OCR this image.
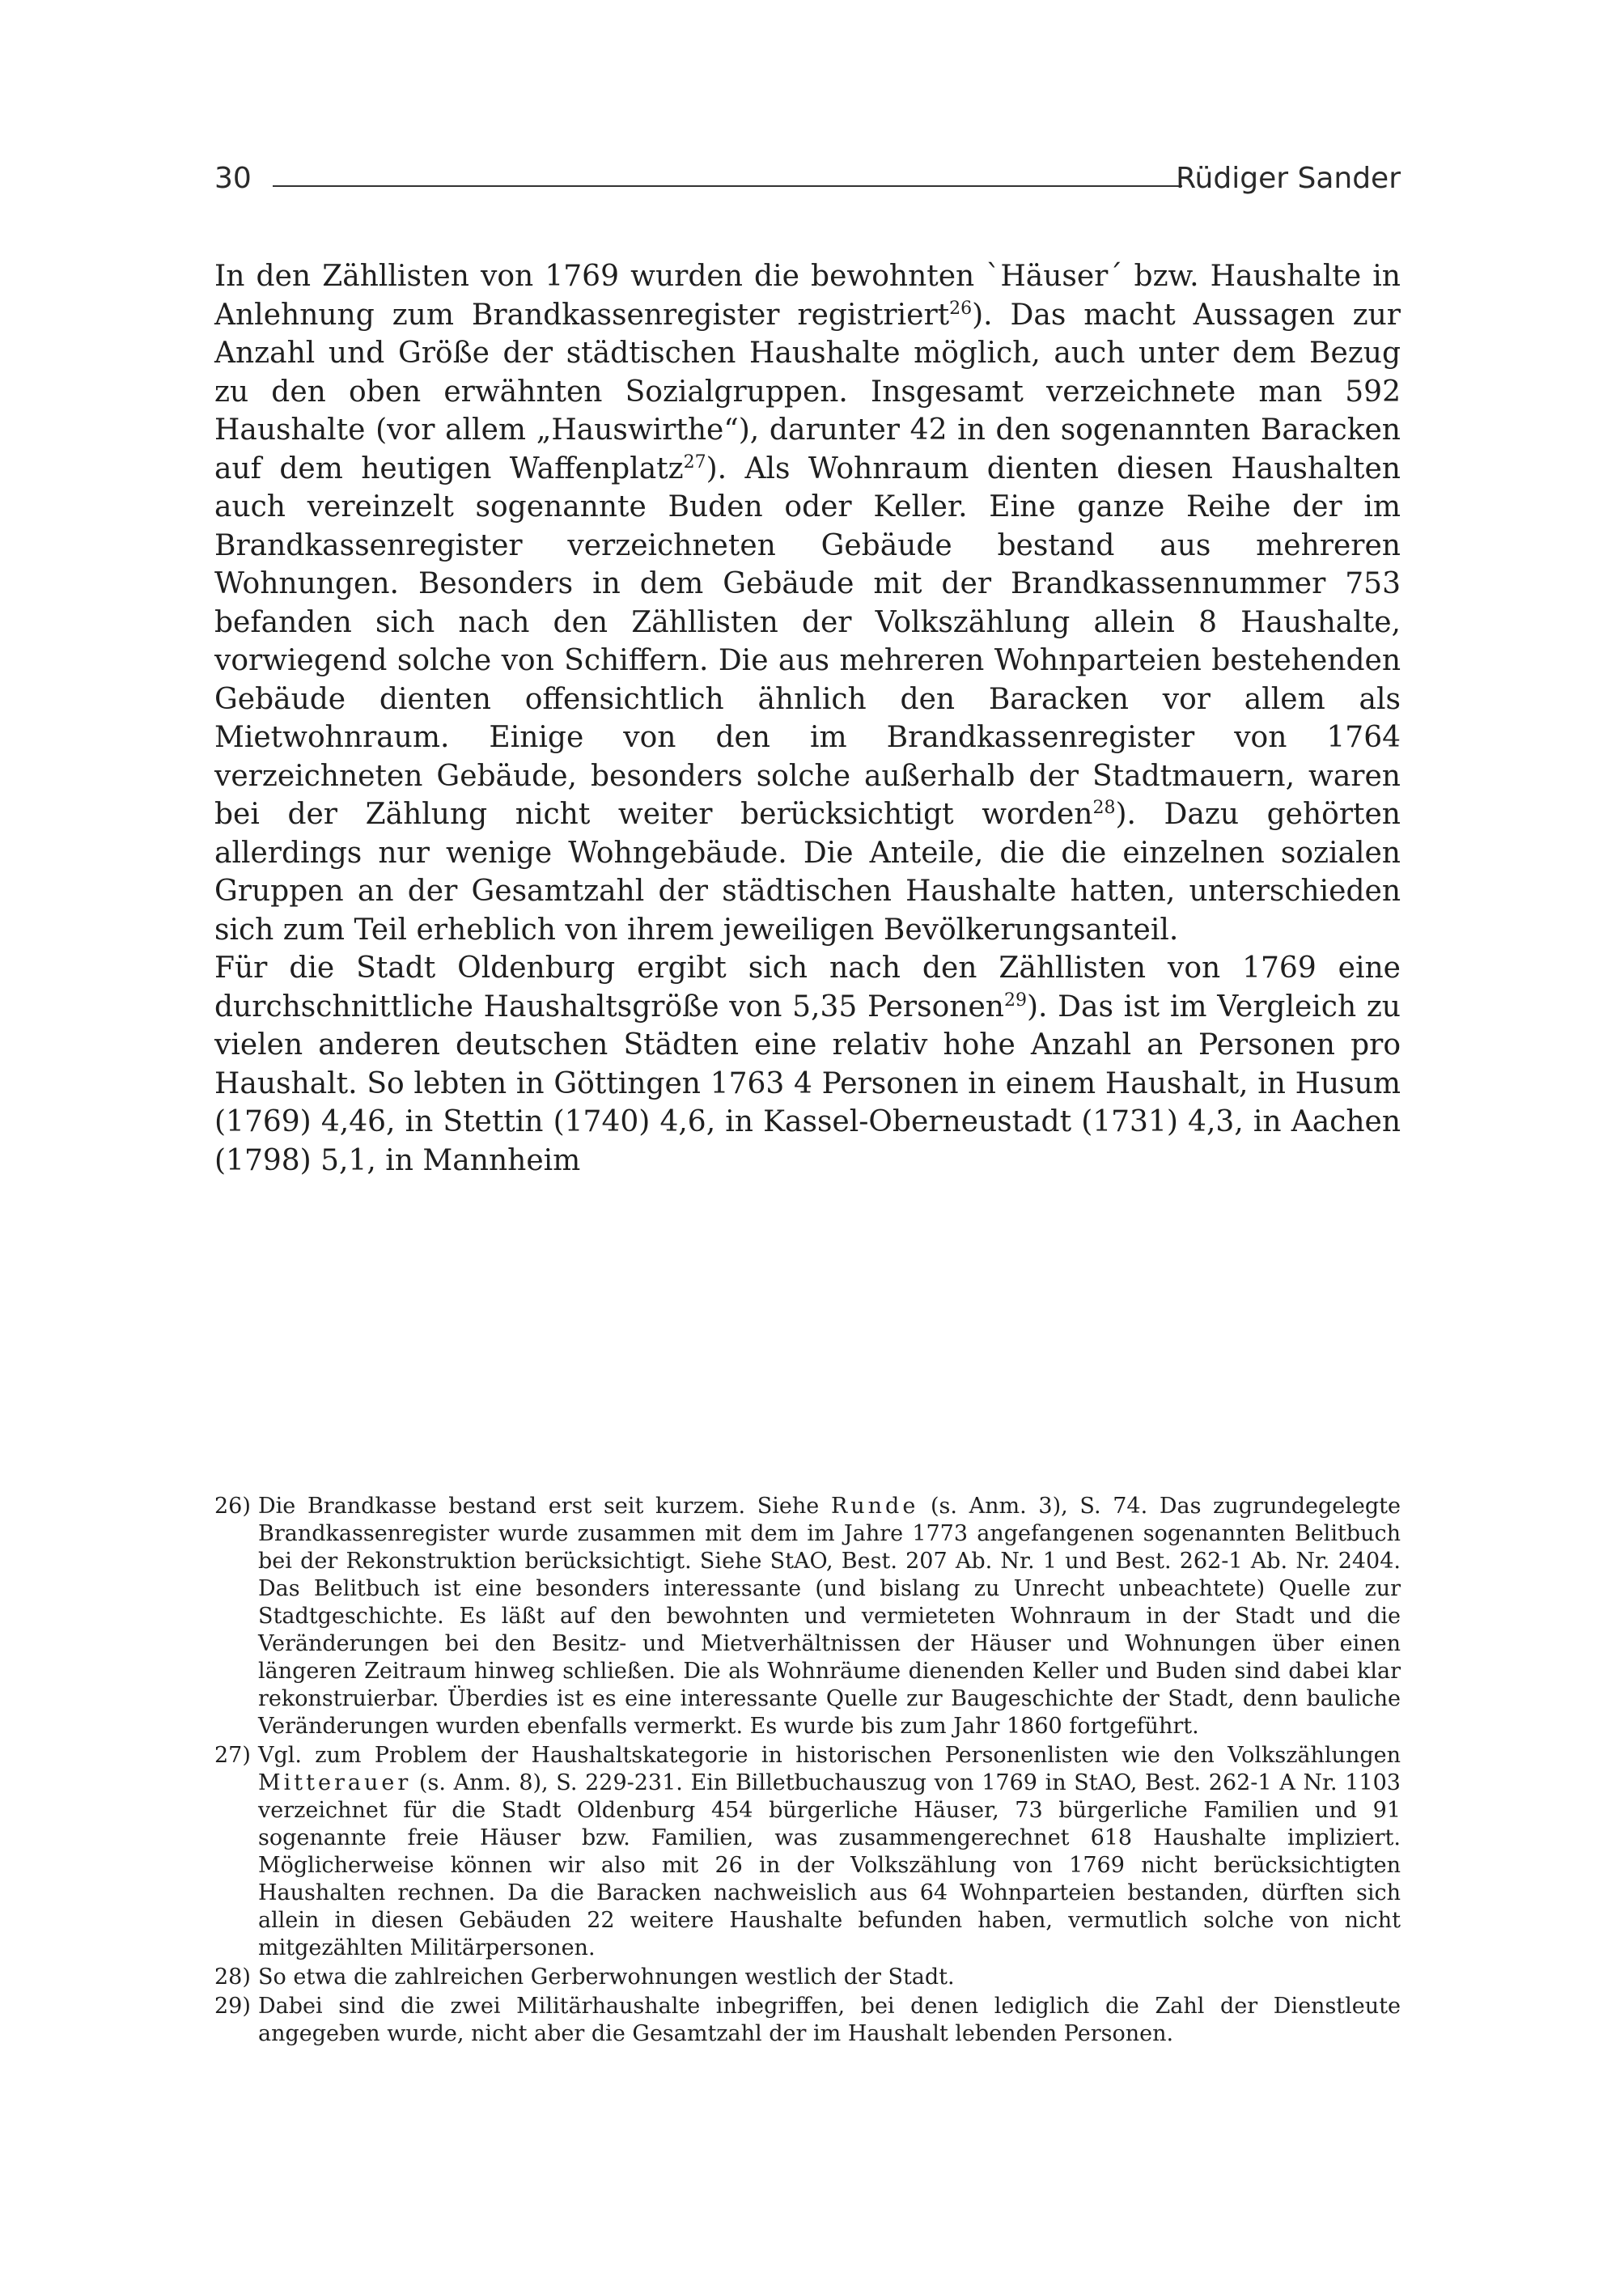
30	Rüdiger Sander

In den Zähllisten von 1769 wurden die bewohnten `Häuser´ bzw. Haushalte in Anlehnung zum Brandkassenregister registriert$^{26}$). Das macht Aussagen zur Anzahl und Größe der städtischen Haushalte möglich, auch unter dem Bezug zu den oben erwähnten Sozialgruppen. Insgesamt verzeichnete man 592 Haushalte (vor allem „Hauswirthe“), darunter 42 in den sogenannten Baracken auf dem heutigen Waffenplatz$^{27}$). Als Wohnraum dienten diesen Haushalten auch vereinzelt sogenannte Buden oder Keller. Eine ganze Reihe der im Brandkassenregister verzeichneten Gebäude bestand aus mehreren Wohnungen. Besonders in dem Gebäude mit der Brandkassennummer 753 befanden sich nach den Zähllisten der Volkszählung allein 8 Haushalte, vorwiegend solche von Schiffern. Die aus mehreren Wohnparteien bestehenden Gebäude dienten offensichtlich ähnlich den Baracken vor allem als Mietwohnraum. Einige von den im Brandkassenregister von 1764 verzeichneten Gebäude, besonders solche außerhalb der Stadtmauern, waren bei der Zählung nicht weiter berücksichtigt worden$^{28}$). Dazu gehörten allerdings nur wenige Wohngebäude. Die Anteile, die die einzelnen sozialen Gruppen an der Gesamtzahl der städtischen Haushalte hatten, unterschieden sich zum Teil erheblich von ihrem jeweiligen Bevölkerungsanteil.

Für die Stadt Oldenburg ergibt sich nach den Zähllisten von 1769 eine durchschnittliche Haushaltsgröße von 5,35 Personen$^{29}$). Das ist im Vergleich zu vielen anderen deutschen Städten eine relativ hohe Anzahl an Personen pro Haushalt. So lebten in Göttingen 1763 4 Personen in einem Haushalt, in Husum (1769) 4,46, in Stettin (1740) 4,6, in Kassel-Oberneustadt (1731) 4,3, in Aachen (1798) 5,1, in Mannheim

26) Die Brandkasse bestand erst seit kurzem. Siehe Runde (s. Anm. 3), S. 74. Das zugrundegelegte Brandkassenregister wurde zusammen mit dem im Jahre 1773 angefangenen sogenannten Belitbuch bei der Rekonstruktion berücksichtigt. Siehe StAO, Best. 207 Ab. Nr. 1 und Best. 262-1 Ab. Nr. 2404. Das Belitbuch ist eine besonders interessante (und bislang zu Unrecht unbeachtete) Quelle zur Stadtgeschichte. Es läßt auf den bewohnten und vermieteten Wohnraum in der Stadt und die Veränderungen bei den Besitz- und Mietverhältnissen der Häuser und Wohnungen über einen längeren Zeitraum hinweg schließen. Die als Wohnräume dienenden Keller und Buden sind dabei klar rekonstruierbar. Überdies ist es eine interessante Quelle zur Baugeschichte der Stadt, denn bauliche Veränderungen wurden ebenfalls vermerkt. Es wurde bis zum Jahr 1860 fortgeführt.
27) Vgl. zum Problem der Haushaltskategorie in historischen Personenlisten wie den Volkszählungen Mitterauer (s. Anm. 8), S. 229-231. Ein Billetbuchauszug von 1769 in StAO, Best. 262-1 A Nr. 1103 verzeichnet für die Stadt Oldenburg 454 bürgerliche Häuser, 73 bürgerliche Familien und 91 sogenannte freie Häuser bzw. Familien, was zusammengerechnet 618 Haushalte impliziert. Möglicherweise können wir also mit 26 in der Volkszählung von 1769 nicht berücksichtigten Haushalten rechnen. Da die Baracken nachweislich aus 64 Wohnparteien bestanden, dürften sich allein in diesen Gebäuden 22 weitere Haushalte befunden haben, vermutlich solche von nicht mitgezählten Militärpersonen.
28) So etwa die zahlreichen Gerberwohnungen westlich der Stadt.
29) Dabei sind die zwei Militärhaushalte inbegriffen, bei denen lediglich die Zahl der Dienstleute angegeben wurde, nicht aber die Gesamtzahl der im Haushalt lebenden Personen.
